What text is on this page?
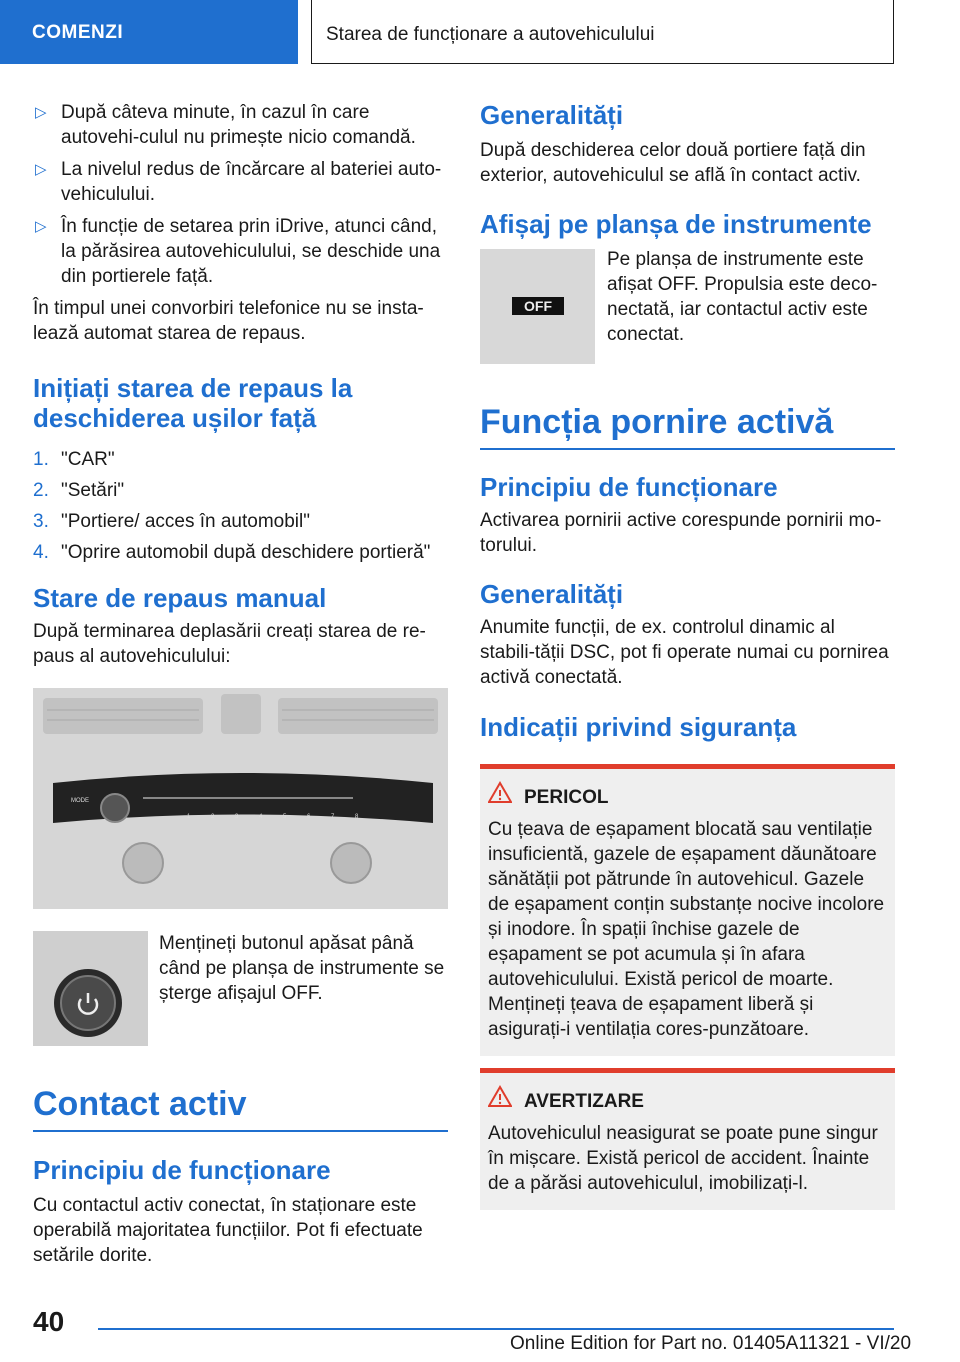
COMENZI	Starea de funcționare a autovehiculului
▷ După câteva minute, în cazul în care autovehi-culul nu primește nicio comandă.
▷ La nivelul redus de încărcare al bateriei auto-vehiculului.
▷ În funcție de setarea prin iDrive, atunci când, la părăsirea autovehiculului, se deschide una din portierele față.

În timpul unei convorbiri telefonice nu se insta-lează automat starea de repaus.

Inițiați starea de repaus la deschiderea ușilor față
1. "CAR"
2. "Setări"
3. "Portiere/ acces în automobil"
4. "Oprire automobil după deschidere portieră"
Stare de repaus manual

După terminarea deplasării creați starea de re-paus al autovehiculului:

MODE
1	2	3	4	5	6	7	8

Mențineți butonul apăsat până când pe planșa de instrumente se șterge afișajul OFF.

Contact activ
Principiu de funcționare

Cu contactul activ conectat, în staționare este operabilă majoritatea funcțiilor. Pot fi efectuate setările dorite.

Generalități

După deschiderea celor două portiere față din exterior, autovehiculul se află în contact activ.

Afișaj pe planșa de instrumente
OFF

Pe planșa de instrumente este afișat OFF. Propulsia este deco-nectată, iar contactul activ este conectat.

Funcția pornire activă
Principiu de funcționare

Activarea pornirii active corespunde pornirii mo-torului.

Generalități

Anumite funcții, de ex. controlul dinamic al stabili-tății DSC, pot fi operate numai cu pornirea activă conectată.

Indicații privind siguranța
PERICOL

Cu țeava de eșapament blocată sau ventilație insuficientă, gazele de eșapament dăunătoare sănătății pot pătrunde în autovehicul. Gazele de eșapament conțin substanțe nocive incolore și inodore. În spații închise gazele de eșapament se pot acumula și în afara autovehiculului. Există pericol de moarte. Mențineți țeava de eșapament liberă și asigurați-i ventilația cores-punzătoare.

AVERTIZARE

Autovehiculul neasigurat se poate pune singur în mișcare. Există pericol de accident. Înainte de a părăsi autovehiculul, imobilizați-l.

40
Online Edition for Part no. 01405A11321 - VI/20
